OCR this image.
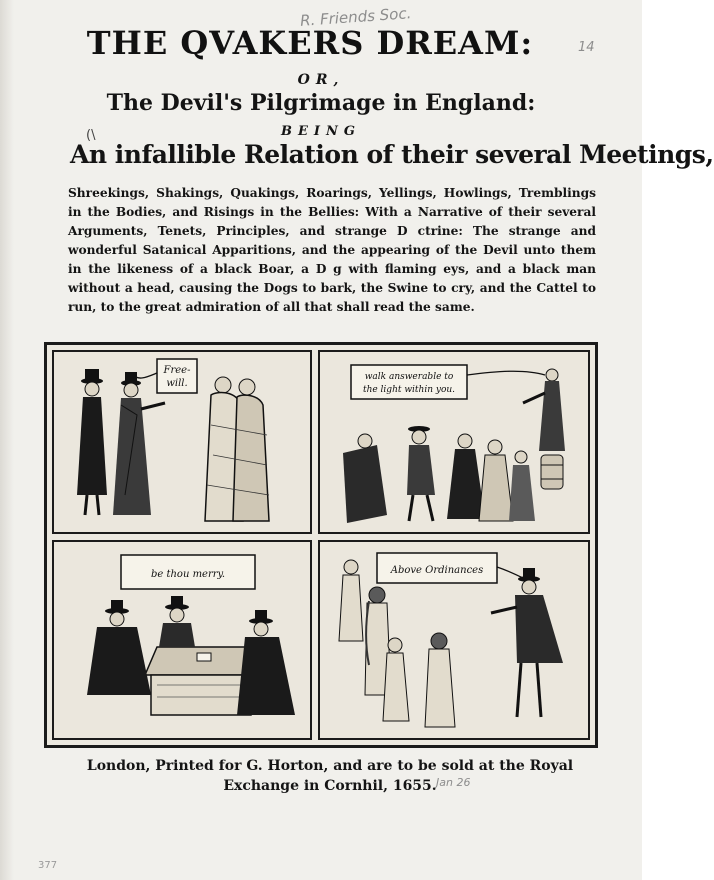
R. Friends Soc.
14
(\
THE QVAKERS DREAM:
OR,
The Devil's Pilgrimage in England:
BEING
An infallible Relation of their several Meetings,
Shreekings, Shakings, Quakings, Roarings, Yellings, Howlings, Tremblings in the Bodies, and Risings in the Bellies: With a Narrative of their several Arguments, Tenets, Principles, and strange D ctrine: The strange and wonderful Satanical Apparitions, and the appearing of the Devil unto them in the likeness of a black Boar, a D g with flaming eys, and a black man without a head, causing the Dogs to bark, the Swine to cry, and the Cattel to run, to the great admiration of all that shall read the same.
Free-
will.
walk answerable to
the light within you.
be thou merry.	Above Ordinances
London, Printed for G. Horton, and are to be sold at the Royal
Exchange in Cornhil, 1655. Jan 26
377
